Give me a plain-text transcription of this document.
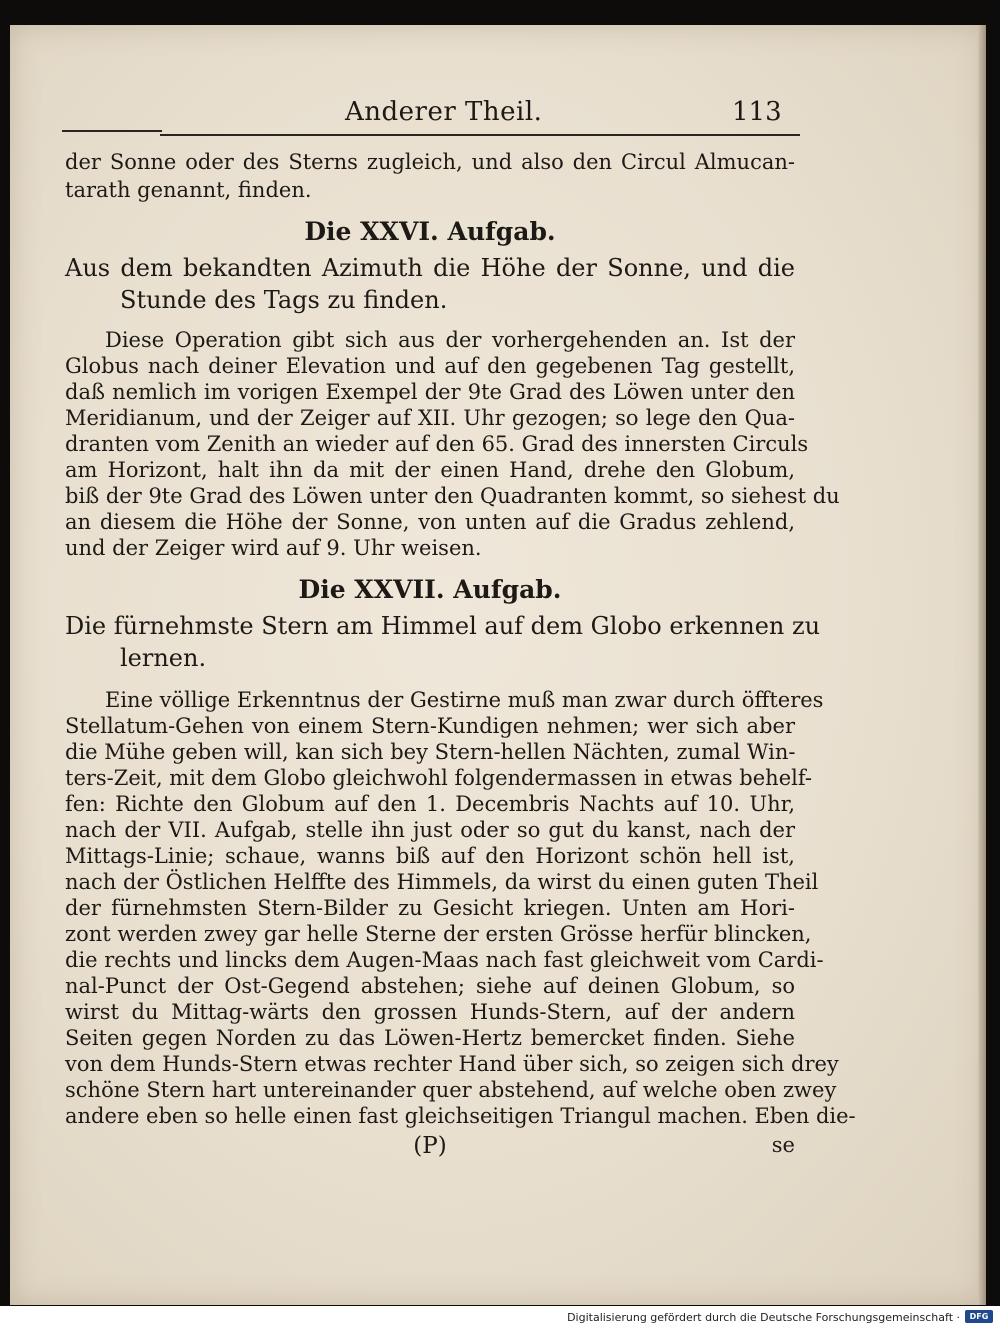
Anderer Theil.	113
der Sonne oder des Sterns zugleich, und also den Circul Almucan-
tarath genannt, finden.
Die XXVI. Aufgab.
Aus dem bekandten Azimuth die Höhe der Sonne, und die
Stunde des Tags zu finden.
Diese Operation gibt sich aus der vorhergehenden an. Ist der
Globus nach deiner Elevation und auf den gegebenen Tag gestellt,
daß nemlich im vorigen Exempel der 9te Grad des Löwen unter den
Meridianum, und der Zeiger auf XII. Uhr gezogen; so lege den Qua-
dranten vom Zenith an wieder auf den 65. Grad des innersten Circuls
am Horizont, halt ihn da mit der einen Hand, drehe den Globum,
biß der 9te Grad des Löwen unter den Quadranten kommt, so siehest du
an diesem die Höhe der Sonne, von unten auf die Gradus zehlend,
und der Zeiger wird auf 9. Uhr weisen.
Die XXVII. Aufgab.
Die fürnehmste Stern am Himmel auf dem Globo erkennen zu
lernen.
Eine völlige Erkenntnus der Gestirne muß man zwar durch öffteres
Stellatum-Gehen von einem Stern-Kundigen nehmen; wer sich aber
die Mühe geben will, kan sich bey Stern-hellen Nächten, zumal Win-
ters-Zeit, mit dem Globo gleichwohl folgendermassen in etwas behelf-
fen: Richte den Globum auf den 1. Decembris Nachts auf 10. Uhr,
nach der VII. Aufgab, stelle ihn just oder so gut du kanst, nach der
Mittags-Linie; schaue, wanns biß auf den Horizont schön hell ist,
nach der Östlichen Helffte des Himmels, da wirst du einen guten Theil
der fürnehmsten Stern-Bilder zu Gesicht kriegen. Unten am Hori-
zont werden zwey gar helle Sterne der ersten Grösse herfür blincken,
die rechts und lincks dem Augen-Maas nach fast gleichweit vom Cardi-
nal-Punct der Ost-Gegend abstehen; siehe auf deinen Globum, so
wirst du Mittag-wärts den grossen Hunds-Stern, auf der andern
Seiten gegen Norden zu das Löwen-Hertz bemercket finden. Siehe
von dem Hunds-Stern etwas rechter Hand über sich, so zeigen sich drey
schöne Stern hart untereinander quer abstehend, auf welche oben zwey
andere eben so helle einen fast gleichseitigen Triangul machen. Eben die-
(P)	se
Digitalisierung gefördert durch die Deutsche Forschungsgemeinschaft ·	DFG
